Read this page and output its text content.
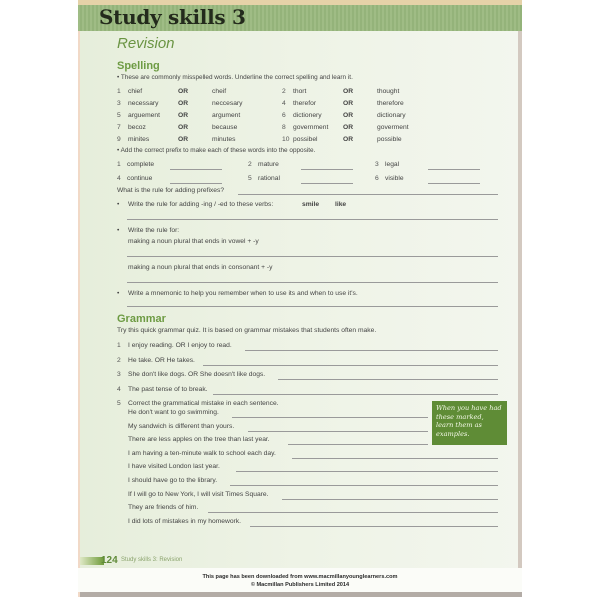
Study skills 3
Revision
Spelling
• These are commonly misspelled words. Underline the correct spelling and learn it.
1 chief	OR	cheif	2 thort	OR	thought
3 necessary	OR	neccesary	4 therefor	OR	therefore
5 arguement	OR	argument	6 dictionery	OR	dictionary
7 becoz	OR	because	8 government OR	goverment
9 minites	OR	minutes	10 possibel	OR	possible
• Add the correct prefix to make each of these words into the opposite.
1 complete	2 mature	3 legal
4 continue	5 rational	6 visible
What is the rule for adding prefixes?
• Write the rule for adding -ing / -ed to these verbs:	smile like
• Write the rule for:
making a noun plural that ends in vowel + -y
making a noun plural that ends in consonant + -y
• Write a mnemonic to help you remember when to use its and when to use it's.
Grammar
Try this quick grammar quiz. It is based on grammar mistakes that students often make.
1 I enjoy reading. OR I enjoy to read.
2 He take. OR He takes.
3 She don't like dogs. OR She doesn't like dogs.
4 The past tense of to break.
5 Correct the grammatical mistake in each sentence.
He don't want to go swimming.
My sandwich is different than yours.
There are less apples on the tree than last year.
I am having a ten-minute walk to school each day.
I have visited London last year.
I should have go to the library.
If I will go to New York, I will visit Times Square.
They are friends of him.
I did lots of mistakes in my homework.
When you have had these marked, learn them as examples.
124 Study skills 3: Revision
This page has been downloaded from www.macmillanyounglearners.com
© Macmillan Publishers Limited 2014
